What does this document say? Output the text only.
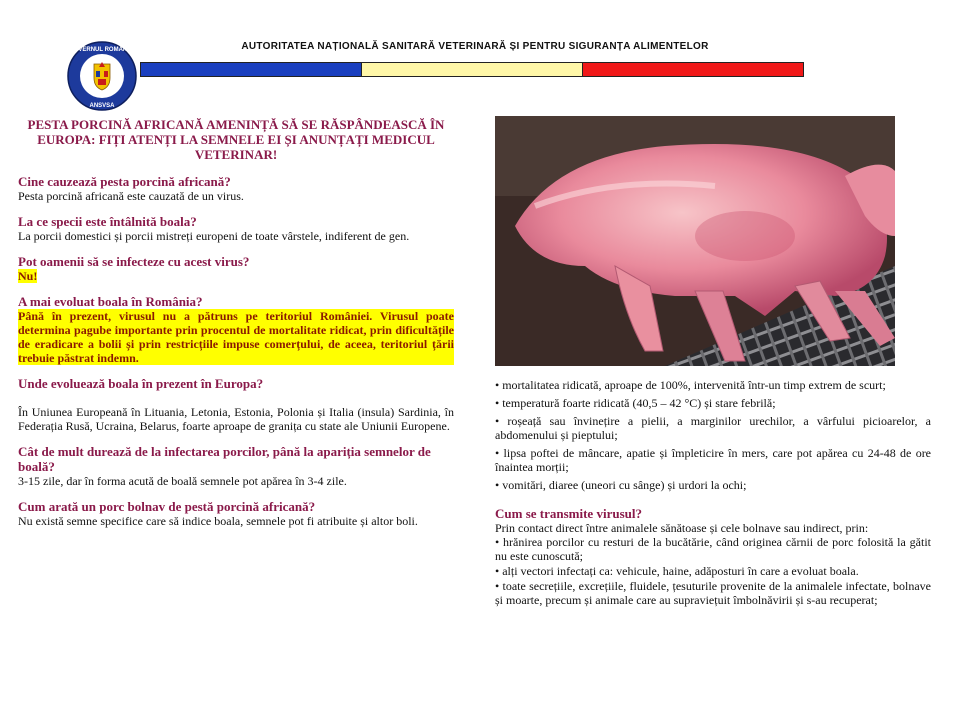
GUVERNUL ROMÂNIEI
ANSVSA
AUTORITATEA NAȚIONALĂ SANITARĂ VETERINARĂ ȘI PENTRU SIGURANȚA ALIMENTELOR
PESTA PORCINĂ AFRICANĂ AMENINȚĂ SĂ SE RĂSPÂNDEASCĂ ÎN EUROPA: FIȚI ATENȚI LA SEMNELE EI ȘI ANUNȚAȚI MEDICUL VETERINAR!
Cine cauzează pesta porcină africană?
Pesta porcină africană este cauzată de un virus.
La ce specii este întâlnită boala?
La porcii domestici și porcii mistreți europeni de toate vârstele, indiferent de gen.
Pot oamenii să se infecteze cu acest virus?
Nu!
A mai evoluat boala în România?
Până în prezent, virusul nu a pătruns pe teritoriul României. Virusul poate determina pagube importante prin procentul de mortalitate ridicat, prin dificultățile de eradicare a bolii și prin restricțiile impuse comerțului, de aceea, teritoriul țării trebuie păstrat indemn.
Unde evoluează boala în prezent în Europa?
În Uniunea Europeană în Lituania, Letonia, Estonia, Polonia și Italia (insula) Sardinia, în Federația Rusă, Ucraina, Belarus, foarte aproape de granița cu state ale Uniunii Europene.
Cât de mult durează de la infectarea porcilor, până la apariția semnelor de boală?
3-15 zile, dar în forma acută de boală semnele pot apărea în 3-4 zile.
Cum arată un porc bolnav de pestă porcină africană?
Nu există semne specifice care să indice boala, semnele pot fi atribuite și altor boli.
• mortalitatea ridicată, aproape de 100%, intervenită într-un timp extrem de scurt;
• temperatură foarte ridicată (40,5 – 42 °C) și stare febrilă;
• roșeață sau învinețire a pielii, a marginilor urechilor, a vârfului picioarelor, a abdomenului și pieptului;
• lipsa poftei de mâncare, apatie și împleticire în mers, care pot apărea cu 24-48 de ore înaintea morții;
• vomitări, diaree (uneori cu sânge) și urdori la ochi;
Cum se transmite virusul?
Prin contact direct între animalele sănătoase și cele bolnave sau indirect, prin:
• hrănirea porcilor cu resturi de la bucătărie, când originea cărnii de porc folosită la gătit nu este cunoscută;
• alți vectori infectați ca: vehicule, haine, adăposturi în care a evoluat boala.
• toate secrețiile, excrețiile, fluidele, țesuturile provenite de la animalele infectate, bolnave și moarte, precum și animale care au supraviețuit îmbolnăvirii și s-au recuperat;
